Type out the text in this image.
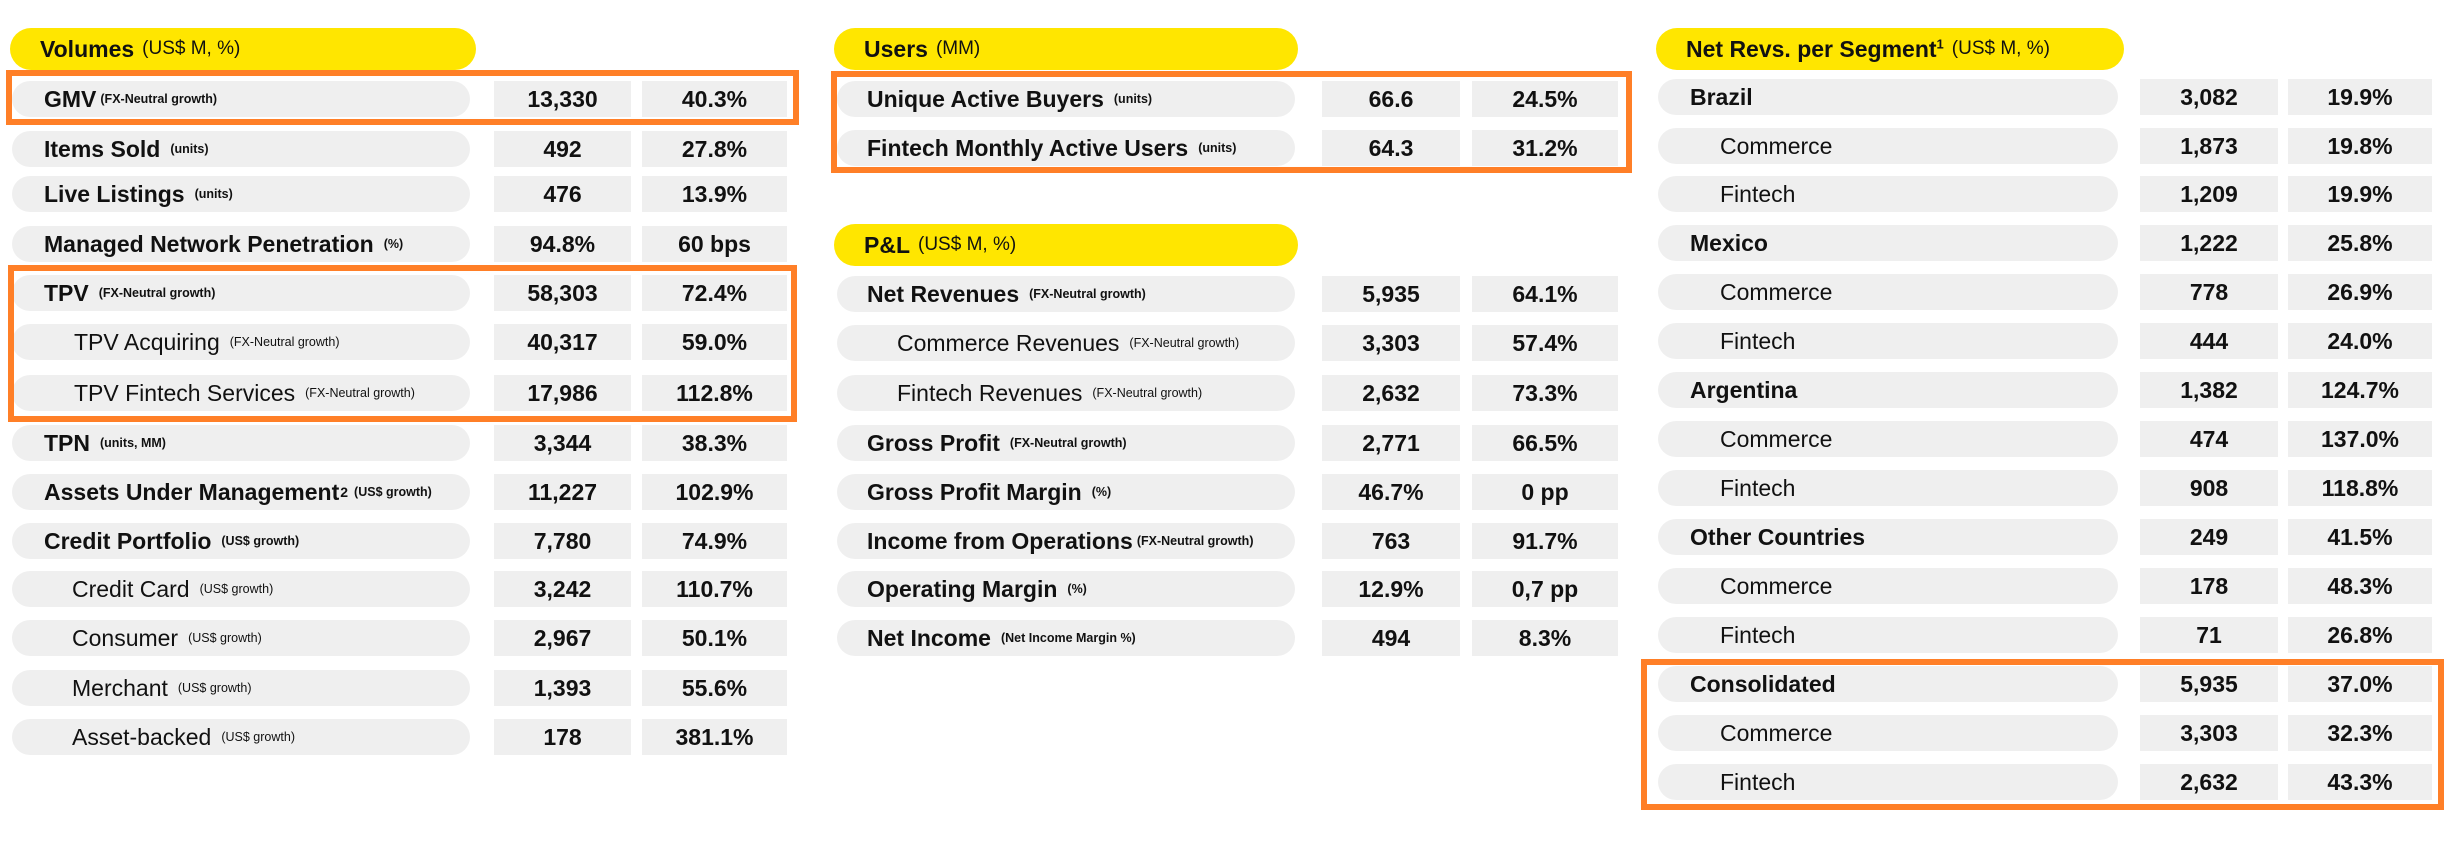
Volumes (US$ M, %)
GMV (FX-Neutral growth)	13,330	40.3%
Items Sold (units)	492	27.8%
Live Listings (units)	476	13.9%
Managed Network Penetration (%)	94.8%	60 bps
TPV (FX-Neutral growth)	58,303	72.4%
TPV Acquiring (FX-Neutral growth)	40,317	59.0%
TPV Fintech Services (FX-Neutral growth)	17,986	112.8%
TPN (units, MM)	3,344	38.3%
Assets Under Management 2 (US$ growth)	11,227	102.9%
Credit Portfolio (US$ growth)	7,780	74.9%
Credit Card (US$ growth)	3,242	110.7%
Consumer (US$ growth)	2,967	50.1%
Merchant (US$ growth)	1,393	55.6%
Asset-backed (US$ growth)	178	381.1%
Users (MM)
Unique Active Buyers (units)	66.6	24.5%
Fintech Monthly Active Users (units)	64.3	31.2%
P&L (US$ M, %)
Net Revenues (FX-Neutral growth)	5,935	64.1%
Commerce Revenues (FX-Neutral growth)	3,303	57.4%
Fintech Revenues (FX-Neutral growth)	2,632	73.3%
Gross Profit (FX-Neutral growth)	2,771	66.5%
Gross Profit Margin (%)	46.7%	0 pp
Income from Operations (FX-Neutral growth)	763	91.7%
Operating Margin (%)	12.9%	0,7 pp
Net Income (Net Income Margin %)	494	8.3%
Net Revs. per Segment$^1$ (US$ M, %)
Brazil	3,082	19.9%
Commerce	1,873	19.8%
Fintech	1,209	19.9%
Mexico	1,222	25.8%
Commerce	778	26.9%
Fintech	444	24.0%
Argentina	1,382	124.7%
Commerce	474	137.0%
Fintech	908	118.8%
Other Countries	249	41.5%
Commerce	178	48.3%
Fintech	71	26.8%
Consolidated	5,935	37.0%
Commerce	3,303	32.3%
Fintech	2,632	43.3%
